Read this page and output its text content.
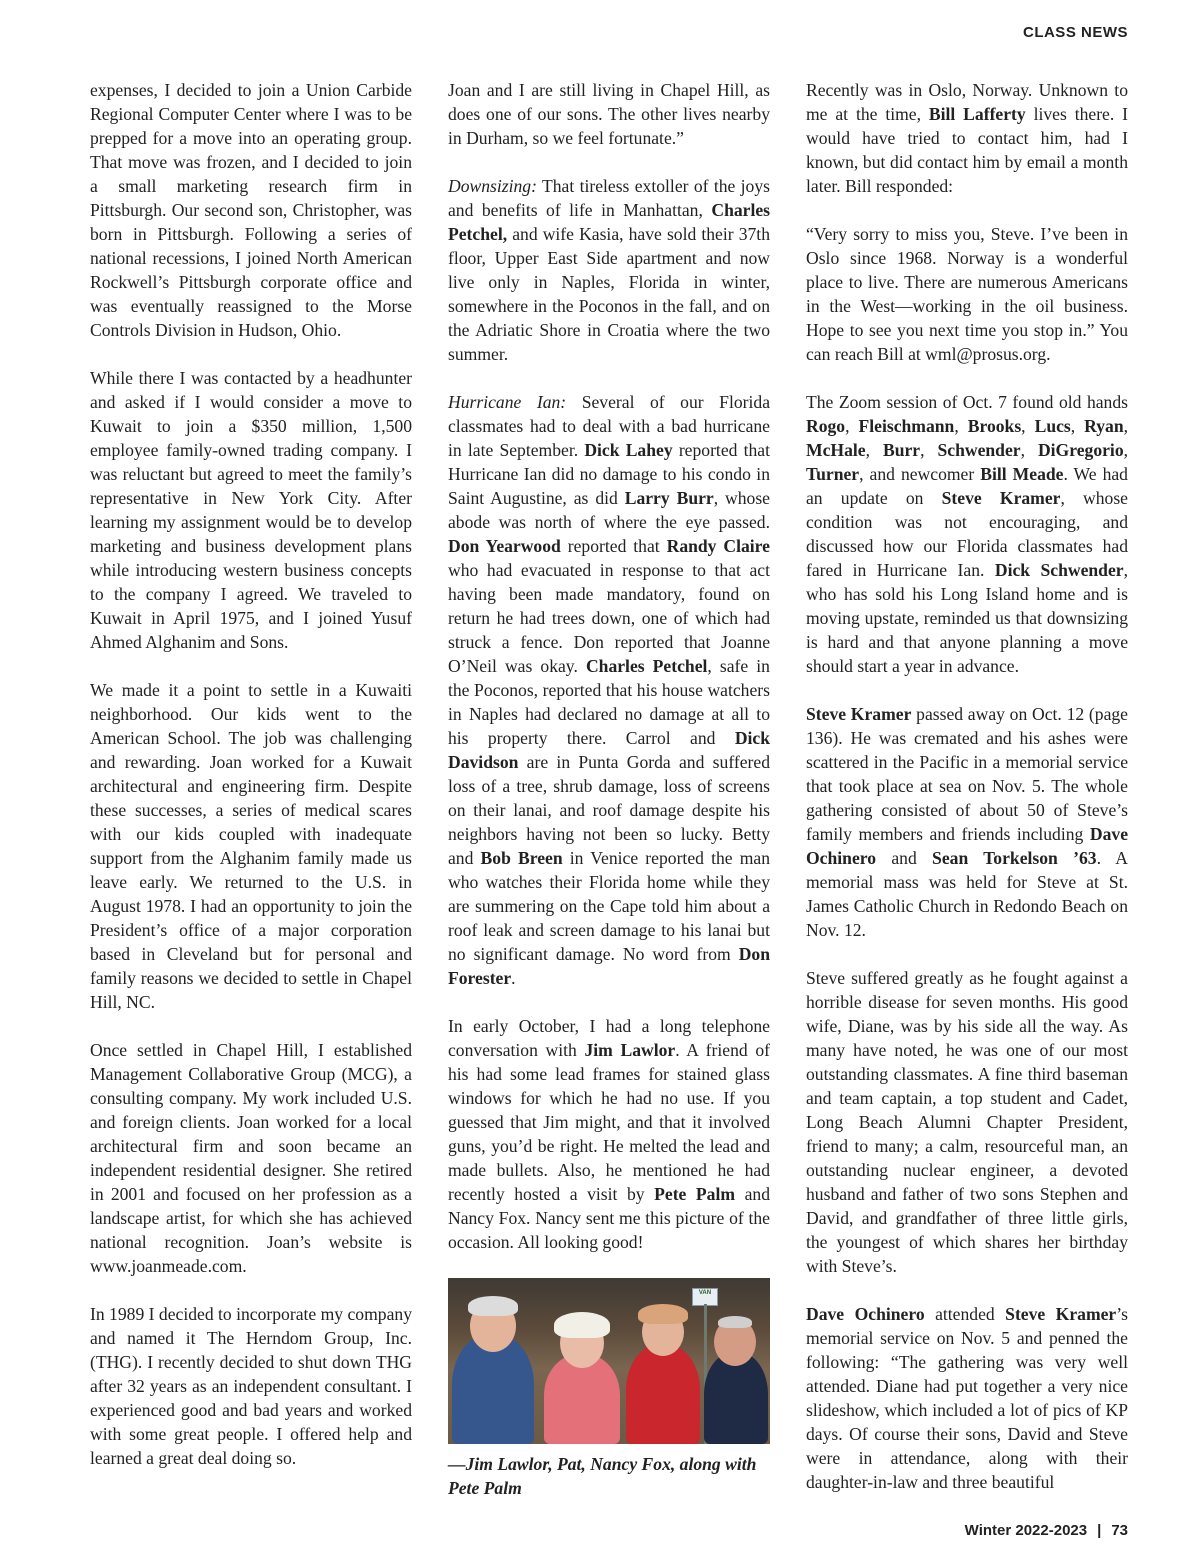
CLASS NEWS

expenses, I decided to join a Union Carbide Regional Computer Center where I was to be prepped for a move into an operating group. That move was frozen, and I decided to join a small marketing research firm in Pittsburgh. Our second son, Christopher, was born in Pittsburgh. Following a series of national recessions, I joined North American Rockwell’s Pittsburgh corporate office and was eventually reassigned to the Morse Controls Division in Hudson, Ohio.

While there I was contacted by a headhunter and asked if I would consider a move to Kuwait to join a $350 million, 1,500 employee family-owned trading company. I was reluctant but agreed to meet the family’s representative in New York City. After learning my assignment would be to develop marketing and business development plans while introducing western business concepts to the company I agreed. We traveled to Kuwait in April 1975, and I joined Yusuf Ahmed Alghanim and Sons.

We made it a point to settle in a Kuwaiti neighborhood. Our kids went to the American School. The job was challenging and rewarding. Joan worked for a Kuwait architectural and engineering firm. Despite these successes, a series of medical scares with our kids coupled with inadequate support from the Alghanim family made us leave early. We returned to the U.S. in August 1978. I had an opportunity to join the President’s office of a major corporation based in Cleveland but for personal and family reasons we decided to settle in Chapel Hill, NC.

Once settled in Chapel Hill, I established Management Collaborative Group (MCG), a consulting company. My work included U.S. and foreign clients. Joan worked for a local architectural firm and soon became an independent residential designer. She retired in 2001 and focused on her profession as a landscape artist, for which she has achieved national recognition. Joan’s website is www.joanmeade.com.

In 1989 I decided to incorporate my company and named it The Herndom Group, Inc. (THG). I recently decided to shut down THG after 32 years as an independent consultant. I experienced good and bad years and worked with some great people. I offered help and learned a great deal doing so.

Joan and I are still living in Chapel Hill, as does one of our sons. The other lives nearby in Durham, so we feel fortunate.”

Downsizing: That tireless extoller of the joys and benefits of life in Manhattan, Charles Petchel, and wife Kasia, have sold their 37th floor, Upper East Side apartment and now live only in Naples, Florida in winter, somewhere in the Poconos in the fall, and on the Adriatic Shore in Croatia where the two summer.

Hurricane Ian: Several of our Florida classmates had to deal with a bad hurricane in late September. Dick Lahey reported that Hurricane Ian did no damage to his condo in Saint Augustine, as did Larry Burr, whose abode was north of where the eye passed. Don Yearwood reported that Randy Claire who had evacuated in response to that act having been made mandatory, found on return he had trees down, one of which had struck a fence. Don reported that Joanne O’Neil was okay. Charles Petchel, safe in the Poconos, reported that his house watchers in Naples had declared no damage at all to his property there. Carrol and Dick Davidson are in Punta Gorda and suffered loss of a tree, shrub damage, loss of screens on their lanai, and roof damage despite his neighbors having not been so lucky. Betty and Bob Breen in Venice reported the man who watches their Florida home while they are summering on the Cape told him about a roof leak and screen damage to his lanai but no significant damage. No word from Don Forester.

In early October, I had a long telephone conversation with Jim Lawlor. A friend of his had some lead frames for stained glass windows for which he had no use. If you guessed that Jim might, and that it involved guns, you’d be right. He melted the lead and made bullets. Also, he mentioned he had recently hosted a visit by Pete Palm and Nancy Fox. Nancy sent me this picture of the occasion. All looking good!

VAN

—Jim Lawlor, Pat, Nancy Fox, along with Pete Palm

Recently was in Oslo, Norway. Unknown to me at the time, Bill Lafferty lives there. I would have tried to contact him, had I known, but did contact him by email a month later. Bill responded:

“Very sorry to miss you, Steve. I’ve been in Oslo since 1968. Norway is a wonderful place to live. There are numerous Americans in the West—working in the oil business. Hope to see you next time you stop in.” You can reach Bill at wml@prosus.org.

The Zoom session of Oct. 7 found old hands Rogo, Fleischmann, Brooks, Lucs, Ryan, McHale, Burr, Schwender, DiGregorio, Turner, and newcomer Bill Meade. We had an update on Steve Kramer, whose condition was not encouraging, and discussed how our Florida classmates had fared in Hurricane Ian. Dick Schwender, who has sold his Long Island home and is moving upstate, reminded us that downsizing is hard and that anyone planning a move should start a year in advance.

Steve Kramer passed away on Oct. 12 (page 136). He was cremated and his ashes were scattered in the Pacific in a memorial service that took place at sea on Nov. 5. The whole gathering consisted of about 50 of Steve’s family members and friends including Dave Ochinero and Sean Torkelson ’63. A memorial mass was held for Steve at St. James Catholic Church in Redondo Beach on Nov. 12.

Steve suffered greatly as he fought against a horrible disease for seven months. His good wife, Diane, was by his side all the way. As many have noted, he was one of our most outstanding classmates. A fine third baseman and team captain, a top student and Cadet, Long Beach Alumni Chapter President, friend to many; a calm, resourceful man, an outstanding nuclear engineer, a devoted husband and father of two sons Stephen and David, and grandfather of three little girls, the youngest of which shares her birthday with Steve’s.

Dave Ochinero attended Steve Kramer’s memorial service on Nov. 5 and penned the following: “The gathering was very well attended. Diane had put together a very nice slideshow, which included a lot of pics of KP days. Of course their sons, David and Steve were in attendance, along with their daughter-in-law and three beautiful

Winter 2022-2023 | 73
